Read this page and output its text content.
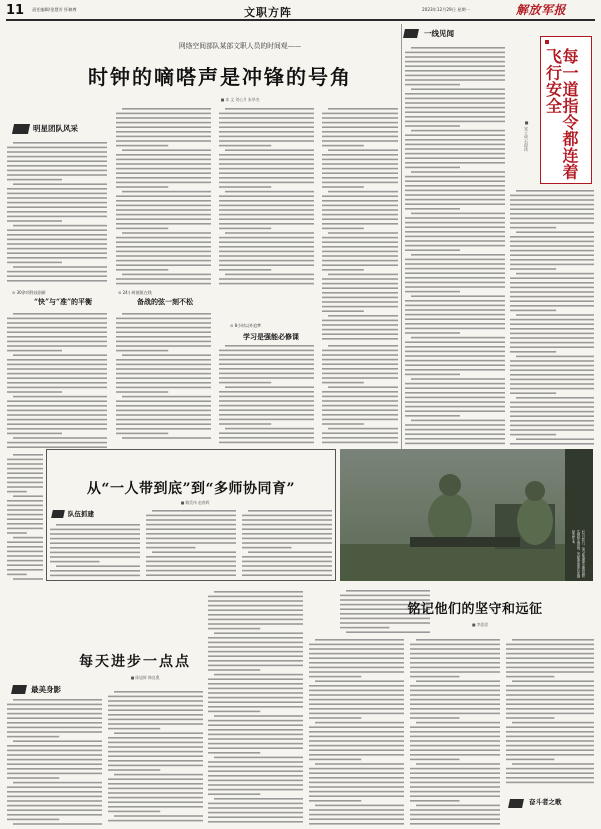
11 责任编辑/金慧芳 怀赖尊	文职方阵	2023年12月29日 星期一	解放军报
网络空间部队某部文职人员的时间观——
时钟的嘀嗒声是冲锋的号角
■ 本 文 刘心月 朱华杰
明星团队风采
⊙ 30余项科技创新
“快”与“准”的平衡
⊙ 24小时值班在线
备战的弦一刻不松
⊙ 8小时以外追梦
学习是强能必修课
一线见闻
每一道指令都连着飞行安全
■ 宋子成 石琼玮
从“一人带到底”到“多师协同育”
■ 赖美伟 赵春辉
队伍抓建
12月10日，第79集团军某旅组织实弹射击训练。发射准备单位实施射击作业。
铭记他们的坚守和远征
■ 李思思
每天进步一点点
■ 陈旭辉 韩良奥
最美身影
奋斗者之歌
